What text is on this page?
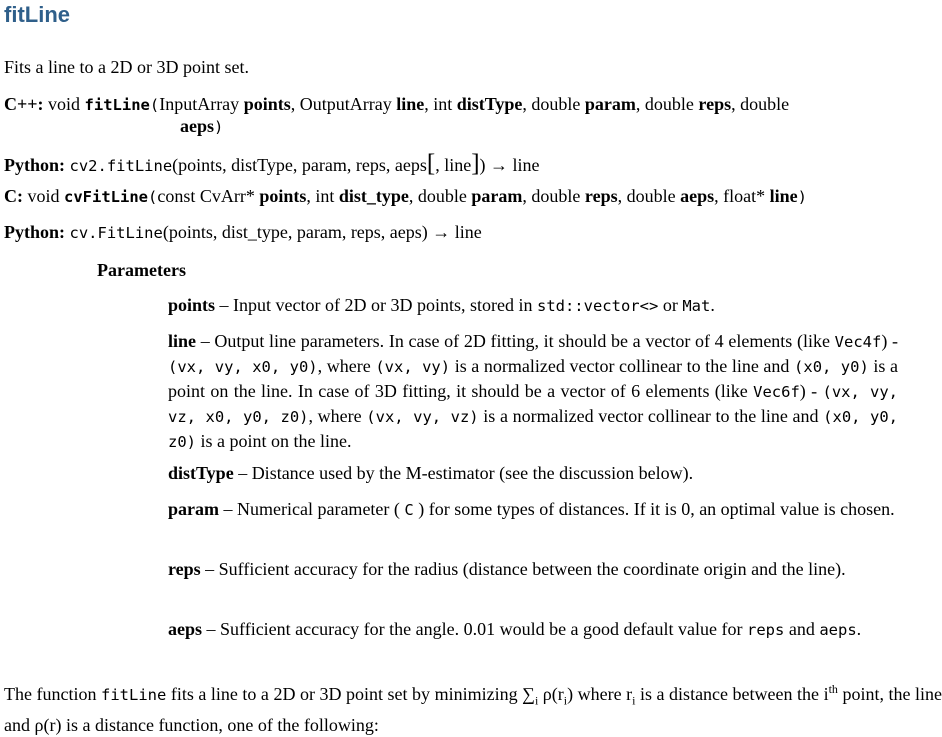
fitLine
Fits a line to a 2D or 3D point set.
C++: void fitLine(InputArray points, OutputArray line, int distType, double param, double reps, double
aeps)
Python: cv2.fitLine(points, distType, param, reps, aeps[, line]) → line
C: void cvFitLine(const CvArr* points, int dist_type, double param, double reps, double aeps, float* line)
Python: cv.FitLine(points, dist_type, param, reps, aeps) → line
Parameters
points – Input vector of 2D or 3D points, stored in std::vector<> or Mat.
line – Output line parameters. In case of 2D fitting, it should be a vector of 4 elements (like Vec4f) - (vx, vy, x0, y0), where (vx, vy) is a normalized vector collinear to the line and (x0, y0) is a point on the line. In case of 3D fitting, it should be a vector of 6 elements (like Vec6f) - (vx, vy, vz, x0, y0, z0), where (vx, vy, vz) is a normalized vector collinear to the line and (x0, y0, z0) is a point on the line.
distType – Distance used by the M-estimator (see the discussion below).
param – Numerical parameter ( C ) for some types of distances. If it is 0, an optimal value is chosen.
reps – Sufficient accuracy for the radius (distance between the coordinate origin and the line).
aeps – Sufficient accuracy for the angle. 0.01 would be a good default value for reps and aeps.
The function fitLine fits a line to a 2D or 3D point set by minimizing $\sum_i$ $\rho(r_i)$ where $r_i$ is a distance between the $i^{th}$ point, the line and ρ(r) is a distance function, one of the following:
